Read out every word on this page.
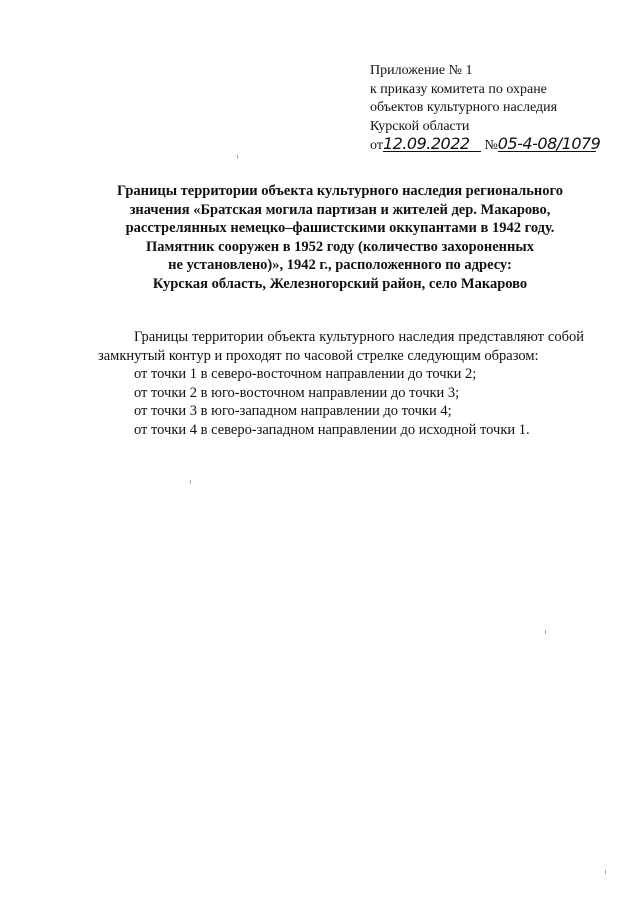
Приложение № 1
к приказу комитета по охране
объектов культурного наследия
Курской области
от12.09.2022 №05-4-08/1079
Границы территории объекта культурного наследия регионального
значения «Братская могила партизан и жителей дер. Макарово,
расстрелянных немецко–фашистскими оккупантами в 1942 году.
Памятник сооружен в 1952 году (количество захороненных
не установлено)», 1942 г., расположенного по адресу:
Курская область, Железногорский район, село Макарово

Границы территории объекта культурного наследия представляют собой замкнутый контур и проходят по часовой стрелке следующим образом:

от точки 1 в северо-восточном направлении до точки 2;

от точки 2 в юго-восточном направлении до точки 3;

от точки 3 в юго-западном направлении до точки 4;

от точки 4 в северо-западном направлении до исходной точки 1.
